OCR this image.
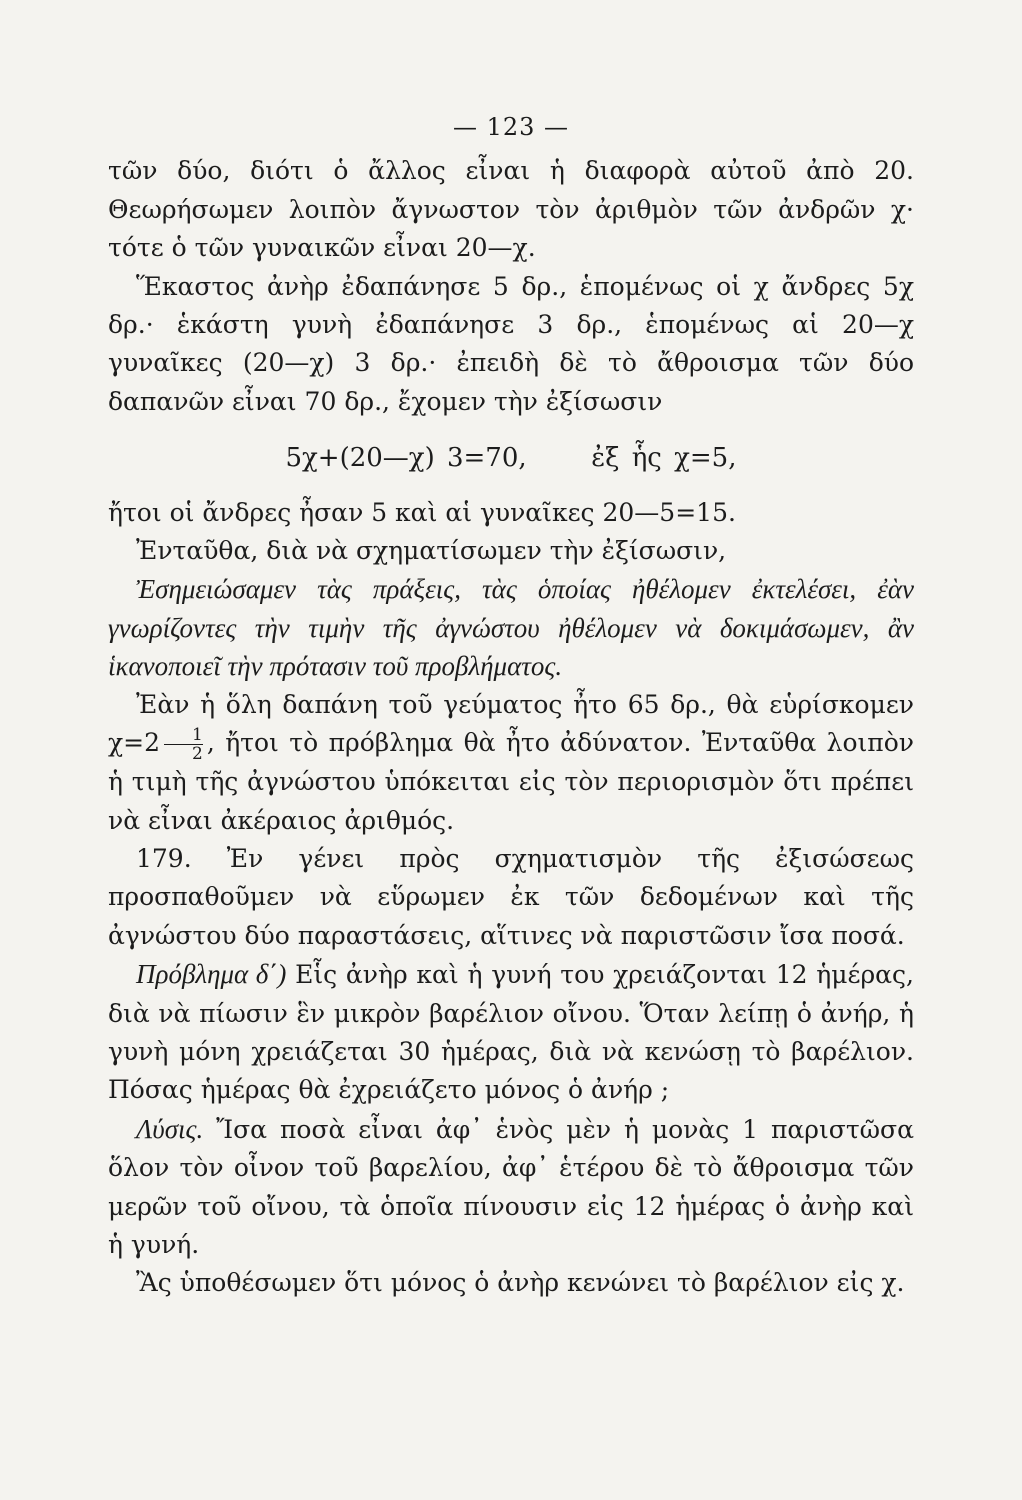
— 123 —

τῶν δύο, διότι ὁ ἄλλος εἶναι ἡ διαφορὰ αὐτοῦ ἀπὸ 20. Θεωρήσωμεν λοιπὸν ἄγνωστον τὸν ἀριθμὸν τῶν ἀνδρῶν χ· τότε ὁ τῶν γυναικῶν εἶναι 20—χ.

Ἕκαστος ἀνὴρ ἐδαπάνησε 5 δρ., ἑπομένως οἱ χ ἄνδρες 5χ δρ.· ἑκάστη γυνὴ ἐδαπάνησε 3 δρ., ἑπομένως αἱ 20—χ γυναῖκες (20—χ) 3 δρ.· ἐπειδὴ δὲ τὸ ἄθροισμα τῶν δύο δαπανῶν εἶναι 70 δρ., ἔχομεν τὴν ἐξίσωσιν

5χ+(20—χ) 3=70, ἐξ ἧς χ=5,

ἤτοι οἱ ἄνδρες ἦσαν 5 καὶ αἱ γυναῖκες 20—5=15.

Ἐνταῦθα, διὰ νὰ σχηματίσωμεν τὴν ἐξίσωσιν,

Ἐσημειώσαμεν τὰς πράξεις, τὰς ὁποίας ἠθέλομεν ἐκτελέσει, ἐὰν γνωρίζοντες τὴν τιμὴν τῆς ἀγνώστου ἠθέλομεν νὰ δοκιμάσωμεν, ἂν ἱκανοποιεῖ τὴν πρότασιν τοῦ προβλήματος.

Ἐὰν ἡ ὅλη δαπάνη τοῦ γεύματος ἦτο 65 δρ., θὰ εὑρίσκομεν $\chi=2 \frac{1}{2}$ , ἤτοι τὸ πρόβλημα θὰ ἦτο ἀδύνατον. Ἐνταῦθα λοιπὸν ἡ τιμὴ τῆς ἀγνώστου ὑπόκειται εἰς τὸν περιορισμὸν ὅτι πρέπει νὰ εἶναι ἀκέραιος ἀριθμός.

179. Ἐν γένει πρὸς σχηματισμὸν τῆς ἐξισώσεως προσπαθοῦμεν νὰ εὕρωμεν ἐκ τῶν δεδομένων καὶ τῆς ἀγνώστου δύο παραστάσεις, αἵτινες νὰ παριστῶσιν ἴσα ποσά.

Πρόβλημα δ΄) Εἷς ἀνὴρ καὶ ἡ γυνή του χρειάζονται 12 ἡμέρας, διὰ νὰ πίωσιν ἓν μικρὸν βαρέλιον οἴνου. Ὅταν λείπῃ ὁ ἀνήρ, ἡ γυνὴ μόνη χρειάζεται 30 ἡμέρας, διὰ νὰ κενώσῃ τὸ βαρέλιον. Πόσας ἡμέρας θὰ ἐχρειάζετο μόνος ὁ ἀνήρ ;

Λύσις. Ἴσα ποσὰ εἶναι ἀφ᾿ ἑνὸς μὲν ἡ μονὰς 1 παριστῶσα ὅλον τὸν οἶνον τοῦ βαρελίου, ἀφ᾿ ἑτέρου δὲ τὸ ἄθροισμα τῶν μερῶν τοῦ οἴνου, τὰ ὁποῖα πίνουσιν εἰς 12 ἡμέρας ὁ ἀνὴρ καὶ ἡ γυνή.

Ἂς ὑποθέσωμεν ὅτι μόνος ὁ ἀνὴρ κενώνει τὸ βαρέλιον εἰς χ.
